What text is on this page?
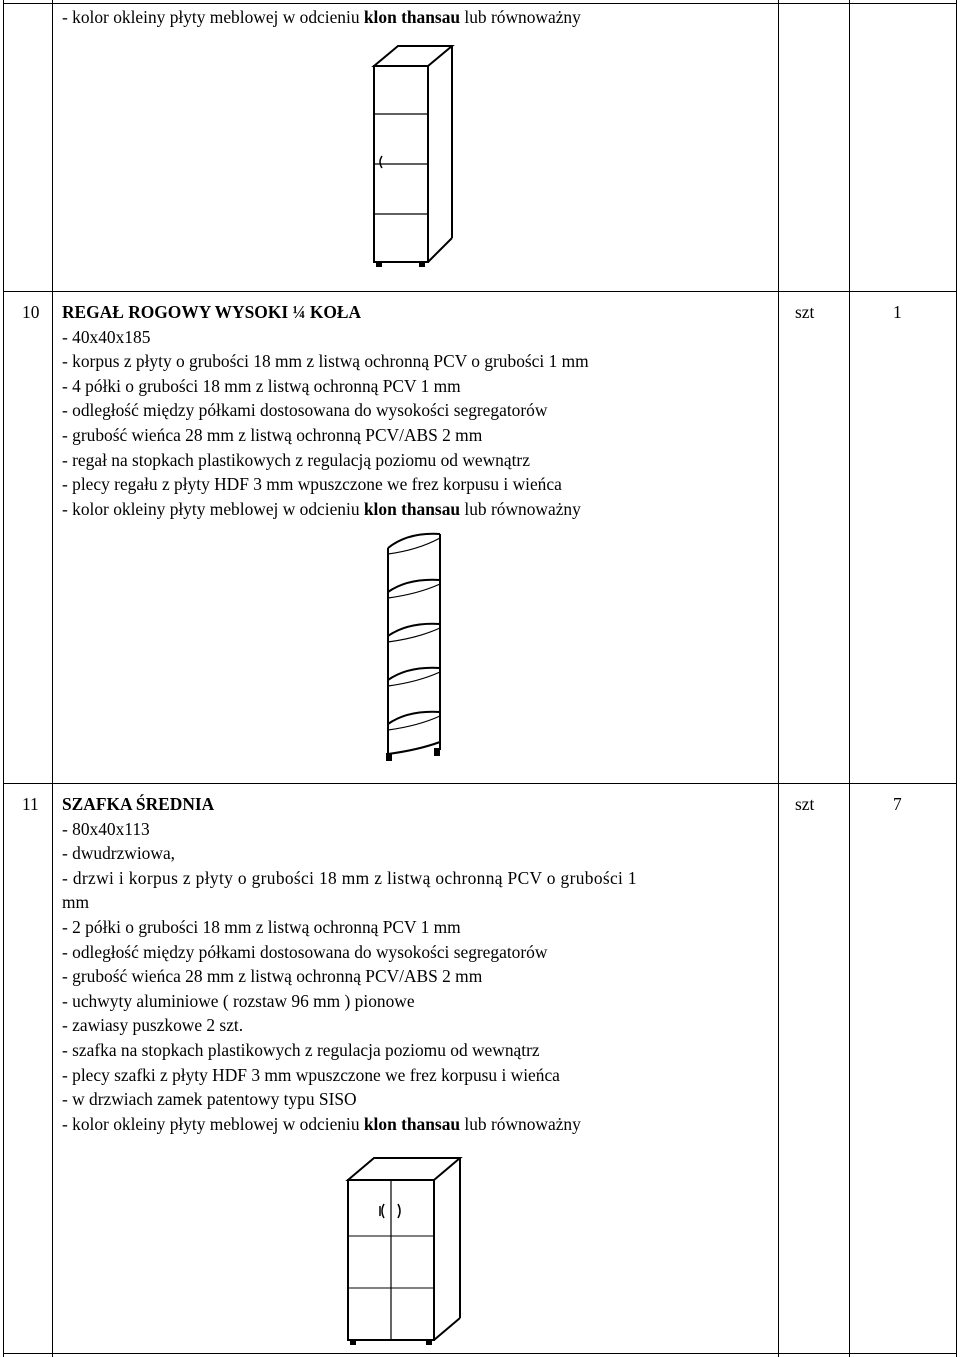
- kolor okleiny płyty meblowej w odcieniu klon thansau lub równoważny
10 REGAŁ ROGOWY WYSOKI ¼ KOŁA
- 40x40x185
- korpus z płyty o grubości 18 mm z listwą ochronną PCV o grubości 1 mm
- 4 półki o grubości 18 mm z listwą ochronną PCV 1 mm
- odległość między półkami dostosowana do wysokości segregatorów
- grubość wieńca 28 mm z listwą ochronną PCV/ABS 2 mm
- regał na stopkach plastikowych z regulacją poziomu od wewnątrz
- plecy regału z płyty HDF 3 mm wpuszczone we frez korpusu i wieńca
- kolor okleiny płyty meblowej w odcieniu klon thansau lub równoważny
szt	1
11 SZAFKA ŚREDNIA
- 80x40x113
- dwudrzwiowa,
- drzwi i korpus z płyty o grubości 18 mm z listwą ochronną PCV o grubości 1
mm
- 2 półki o grubości 18 mm z listwą ochronną PCV 1 mm
- odległość między półkami dostosowana do wysokości segregatorów
- grubość wieńca 28 mm z listwą ochronną PCV/ABS 2 mm
- uchwyty aluminiowe ( rozstaw 96 mm ) pionowe
- zawiasy puszkowe 2 szt.
- szafka na stopkach plastikowych z regulacja poziomu od wewnątrz
- plecy szafki z płyty HDF 3 mm wpuszczone we frez korpusu i wieńca
- w drzwiach zamek patentowy typu SISO
- kolor okleiny płyty meblowej w odcieniu klon thansau lub równoważny
szt	7
